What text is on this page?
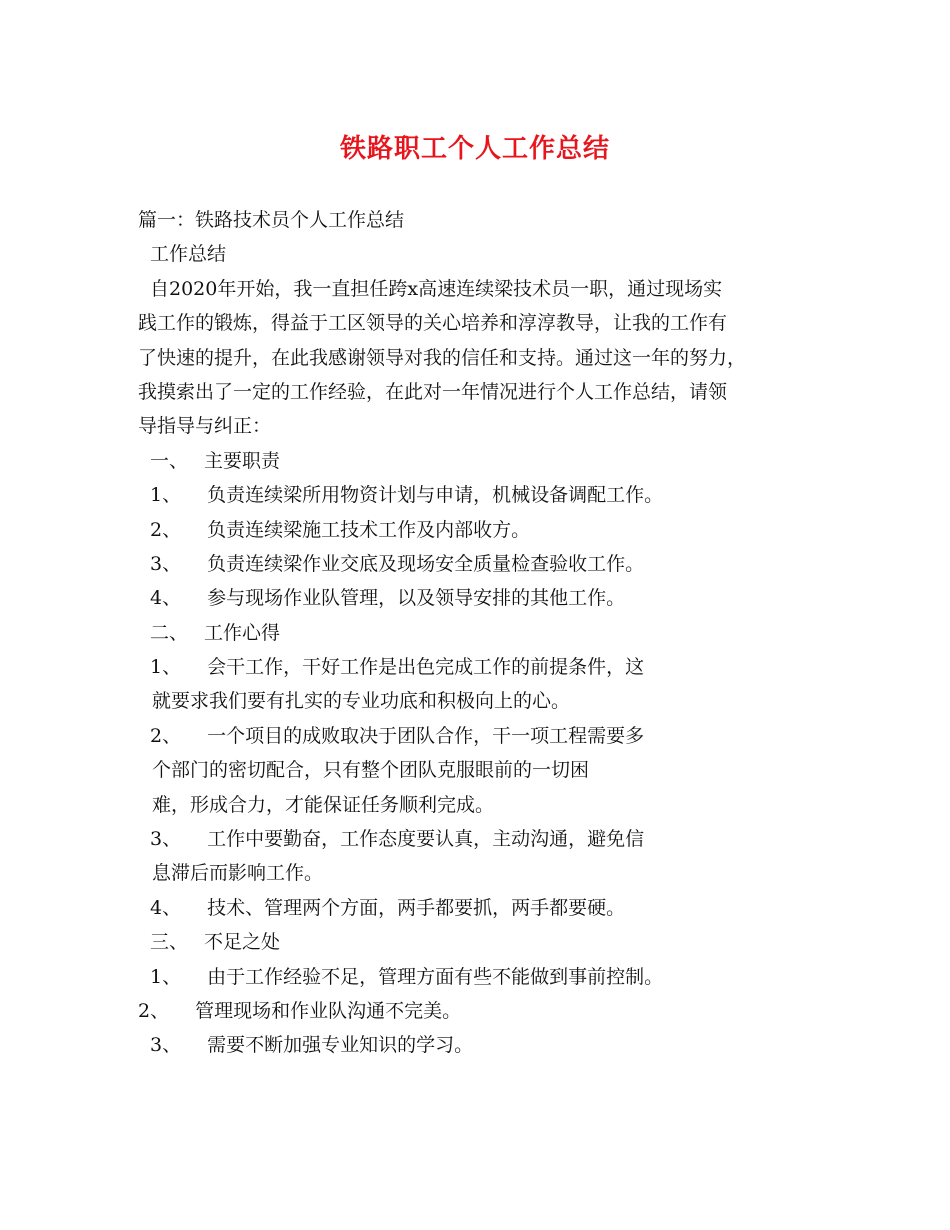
铁路职工个人工作总结
篇一：铁路技术员个人工作总结
工作总结
自2020年开始，我一直担任跨x高速连续梁技术员一职，通过现场实
践工作的锻炼，得益于工区领导的关心培养和淳淳教导，让我的工作有
了快速的提升，在此我感谢领导对我的信任和支持。通过这一年的努力，
我摸索出了一定的工作经验，在此对一年情况进行个人工作总结，请领
导指导与纠正：
一、 主要职责
1、 负责连续梁所用物资计划与申请，机械设备调配工作。
2、 负责连续梁施工技术工作及内部收方。
3、 负责连续梁作业交底及现场安全质量检查验收工作。
4、 参与现场作业队管理，以及领导安排的其他工作。
二、 工作心得
1、 会干工作，干好工作是出色完成工作的前提条件，这
就要求我们要有扎实的专业功底和积极向上的心。
2、 一个项目的成败取决于团队合作，干一项工程需要多
个部门的密切配合，只有整个团队克服眼前的一切困
难，形成合力，才能保证任务顺利完成。
3、 工作中要勤奋，工作态度要认真，主动沟通，避免信
息滞后而影响工作。
4、 技术、管理两个方面，两手都要抓，两手都要硬。
三、 不足之处
1、 由于工作经验不足，管理方面有些不能做到事前控制。
2、 管理现场和作业队沟通不完美。
3、 需要不断加强专业知识的学习。
